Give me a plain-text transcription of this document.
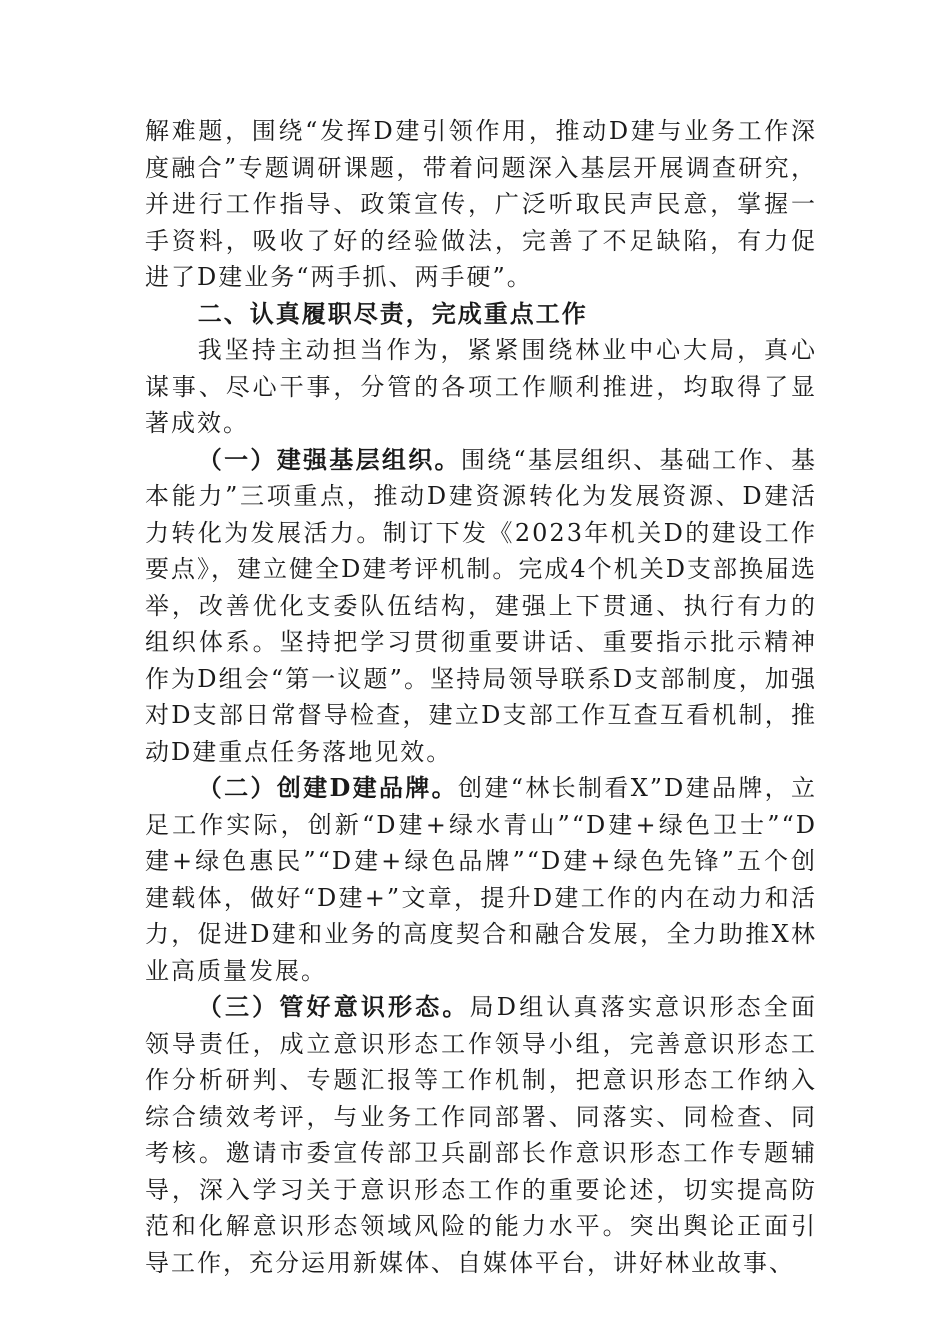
解难题，围绕“发挥D建引领作用，推动D建与业务工作深度融合”专题调研课题，带着问题深入基层开展调查研究，并进行工作指导、政策宣传，广泛听取民声民意，掌握一手资料，吸收了好的经验做法，完善了不足缺陷，有力促进了D建业务“两手抓、两手硬”。

二、认真履职尽责，完成重点工作

我坚持主动担当作为，紧紧围绕林业中心大局，真心谋事、尽心干事，分管的各项工作顺利推进，均取得了显著成效。

（一）建强基层组织。围绕“基层组织、基础工作、基本能力”三项重点，推动D建资源转化为发展资源、D建活力转化为发展活力。制订下发《2023年机关D的建设工作要点》，建立健全D建考评机制。完成4个机关D支部换届选举，改善优化支委队伍结构，建强上下贯通、执行有力的组织体系。坚持把学习贯彻重要讲话、重要指示批示精神作为D组会“第一议题”。坚持局领导联系D支部制度，加强对D支部日常督导检查，建立D支部工作互查互看机制，推动D建重点任务落地见效。

（二）创建D建品牌。创建“林长制看X”D建品牌，立足工作实际，创新“D建+绿水青山”“D建+绿色卫士”“D建+绿色惠民”“D建+绿色品牌”“D建+绿色先锋”五个创建载体，做好“D建+”文章，提升D建工作的内在动力和活力，促进D建和业务的高度契合和融合发展，全力助推X林业高质量发展。

（三）管好意识形态。局D组认真落实意识形态全面领导责任，成立意识形态工作领导小组，完善意识形态工作分析研判、专题汇报等工作机制，把意识形态工作纳入综合绩效考评，与业务工作同部署、同落实、同检查、同考核。邀请市委宣传部卫兵副部长作意识形态工作专题辅导，深入学习关于意识形态工作的重要论述，切实提高防范和化解意识形态领域风险的能力水平。突出舆论正面引导工作，充分运用新媒体、自媒体平台，讲好林业故事、
